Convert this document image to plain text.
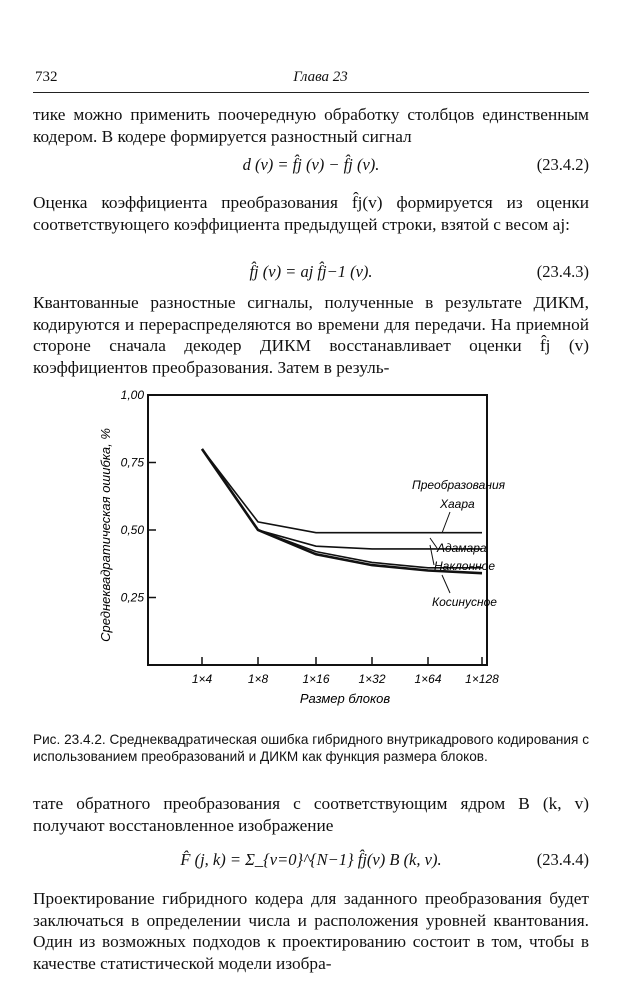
732	Глава 23

тике можно применить поочередную обработку столбцов единственным кодером. В кодере формируется разностный сигнал

d (v) = f̂j (v) − f̂j (v).	(23.4.2)

Оценка коэффициента преобразования f̂j(v) формируется из оценки соответствующего коэффициента предыдущей строки, взятой с весом aj:

f̂j (v) = aj f̂j−1 (v).	(23.4.3)

Квантованные разностные сигналы, полученные в результате ДИКМ, кодируются и перераспределяются во времени для передачи. На приемной стороне сначала декодер ДИКМ восстанавливает оценки f̂j (v) коэффициентов преобразования. Затем в резуль-

1,00
0,75
0,50
0,25
1×4	1×8	1×16 1×32 1×64 1×128
Размер блоков
Среднеквадратическая ошибка, %	Преобразования
Хаара
Адамара
Наклонное
Косинусное
Рис. 23.4.2. Среднеквадратическая ошибка гибридного внутрикадрового кодирования с использованием преобразований и ДИКМ как функция размера блоков.

тате обратного преобразования с соответствующим ядром B (k, v) получают восстановленное изображение

F̂ (j, k) = Σ_{v=0}^{N−1} f̂j(v) B (k, v).	(23.4.4)

Проектирование гибридного кодера для заданного преобразования будет заключаться в определении числа и расположения уровней квантования. Один из возможных подходов к проектированию состоит в том, чтобы в качестве статистической модели изобра-
